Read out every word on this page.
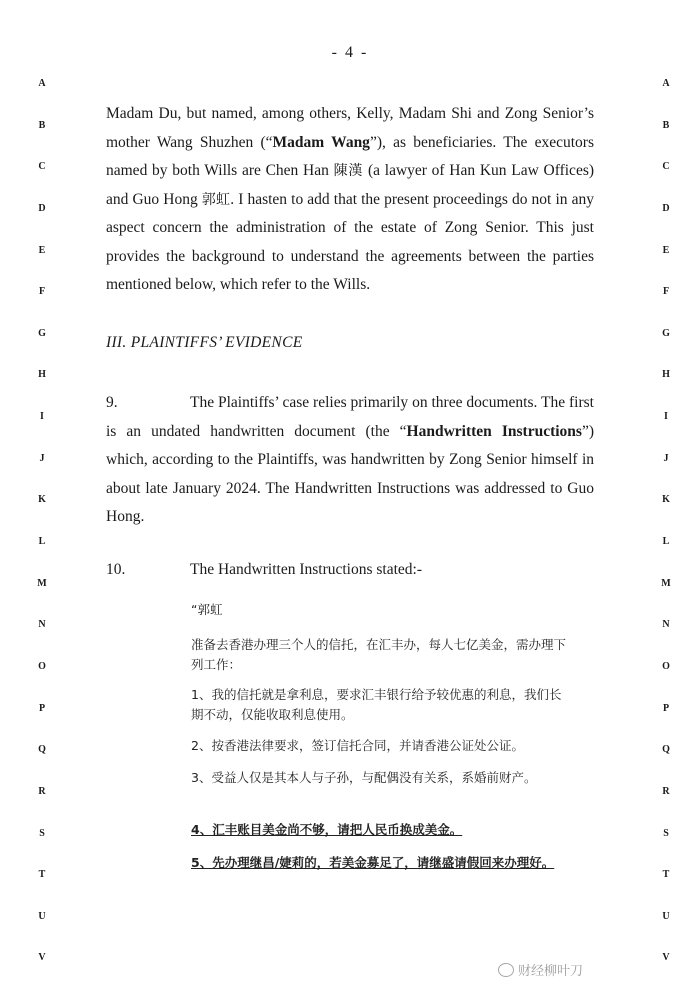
- 4 -
A
B
C
D
E
F
G
H
I
J
K
L
M
N
O
P
Q
R
S
T
U
V
A
B
C
D
E
F
G
H
I
J
K
L
M
N
O
P
Q
R
S
T
U
V
Madam Du, but named, among others, Kelly, Madam Shi and Zong Senior’s mother Wang Shuzhen (“Madam Wang”), as beneficiaries. The executors named by both Wills are Chen Han 陳漢 (a lawyer of Han Kun Law Offices) and Guo Hong 郭虹. I hasten to add that the present proceedings do not in any aspect concern the administration of the estate of Zong Senior. This just provides the background to understand the agreements between the parties mentioned below, which refer to the Wills.
III. PLAINTIFFS’ EVIDENCE
9.	The Plaintiffs’ case relies primarily on three documents. The first is an undated handwritten document (the “Handwritten Instructions”) which, according to the Plaintiffs, was handwritten by Zong Senior himself in about late January 2024. The Handwritten Instructions was addressed to Guo Hong.
10.	The Handwritten Instructions stated:-
“郭虹
准备去香港办理三个人的信托，在汇丰办，每人七亿美金，需办理下列工作：
1、我的信托就是拿利息，要求汇丰银行给予较优惠的利息，我们长期不动，仅能收取利息使用。
2、按香港法律要求，签订信托合同，并请香港公证处公证。
3、受益人仅是其本人与子孙，与配偶没有关系，系婚前财产。
4、汇丰账目美金尚不够，请把人民币换成美金。
5、先办理继昌/婕莉的，若美金募足了，请继盛请假回来办理好。
财经柳叶刀
